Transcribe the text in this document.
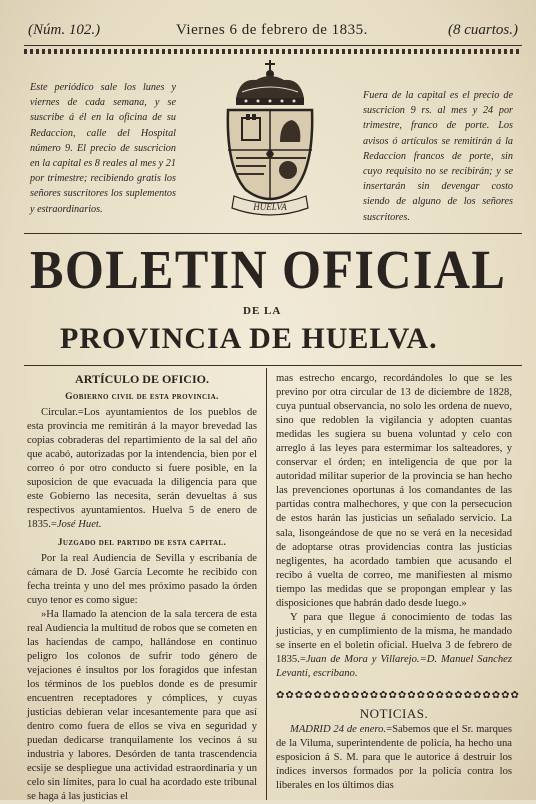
(Núm. 102.)	Viernes 6 de febrero de 1835.	(8 cuartos.)
Este periódico sale los lunes y viernes de cada semana, y se suscribe á él en la oficina de su Redaccion, calle del Hospital número 9. El precio de suscricion en la capital es 8 reales al mes y 21 por trimestre; recibiendo gratis los señores suscritores los suplementos y estraordinarios.
Fuera de la capital es el precio de suscricion 9 rs. al mes y 24 por trimestre, franco de porte. Los avisos ó artículos se remitirán á la Redaccion francos de porte, sin cuyo requisito no se recibirán; y se insertarán sin devengar costo siendo de alguno de los señores suscritores.
HUELVA
BOLETIN OFICIAL
DE LA
PROVINCIA DE HUELVA.

ARTÍCULO DE OFICIO.

Gobierno civil de esta provincia.

Circular.=Los ayuntamientos de los pueblos de esta provincia me remitirán á la mayor brevedad las copias cobraderas del repartimiento de la sal del año que acabó, autorizadas por la intendencia, bien por el correo ó por otro conducto si fuere posible, en la suposicion de que evacuada la diligencia para que este Gobierno las necesita, serán devueltas á sus respectivos ayuntamientos. Huelva 5 de enero de 1835.=José Huet.

Juzgado del partido de esta capital.

Por la real Audiencia de Sevilla y escribanía de cámara de D. José García Lecomte he recibido con fecha treinta y uno del mes próximo pasado la órden cuyo tenor es como sigue:

»Ha llamado la atencion de la sala tercera de esta real Audiencia la multitud de robos que se cometen en las haciendas de campo, hallándose en continuo peligro los colonos de sufrir todo género de vejaciones é insultos por los foragidos que infestan los términos de los pueblos donde es de presumir encuentren receptadores y cómplices, y cuyas justicias debieran velar incesantemente para que así dentro como fuera de ellos se viva en seguridad y puedan dedicarse tranquilamente los vecinos á su industria y labores. Desórden de tanta trascendencia ecsije se despliegue una actividad estraordinaria y un celo sin límites, para lo cual ha acordado este tribunal se haga á las justicias el

mas estrecho encargo, recordándoles lo que se les previno por otra circular de 13 de diciembre de 1828, cuya puntual observancia, no solo les ordena de nuevo, sino que redoblen la vigilancia y adopten cuantas medidas les sugiera su buena voluntad y celo con arreglo á las leyes para estermimar los salteadores, y conservar el órden; en inteligencia de que por la autoridad militar superior de la provincia se han hecho las prevenciones oportunas á los comandantes de las partidas contra malhechores, y que con la persecucion de estos harán las justicias un señalado servicio. La sala, lisongeándose de que no se verá en la necesidad de adoptarse otras providencias contra las justicias negligentes, ha acordado tambien que acusando el recibo á vuelta de correo, me manifiesten al mismo tiempo las medidas que se propongan emplear y las disposiciones que habrán dado desde luego.»

Y para que llegue á conocimiento de todas las justicias, y en cumplimiento de la misma, he mandado se inserte en el boletin oficial. Huelva 3 de febrero de 1835.=Juan de Mora y Villarejo.=D. Manuel Sanchez Levanti, escribano.

✿✿✿✿✿✿✿✿✿✿✿✿✿✿✿✿✿✿✿✿✿✿✿✿✿✿

NOTICIAS.

MADRID 24 de enero.=Sabemos que el Sr. marques de la Viluma, superintendente de policía, ha hecho una esposicion á S. M. para que le autorice á destruir los índices inversos formados por la policía contra los liberales en los últimos dias
